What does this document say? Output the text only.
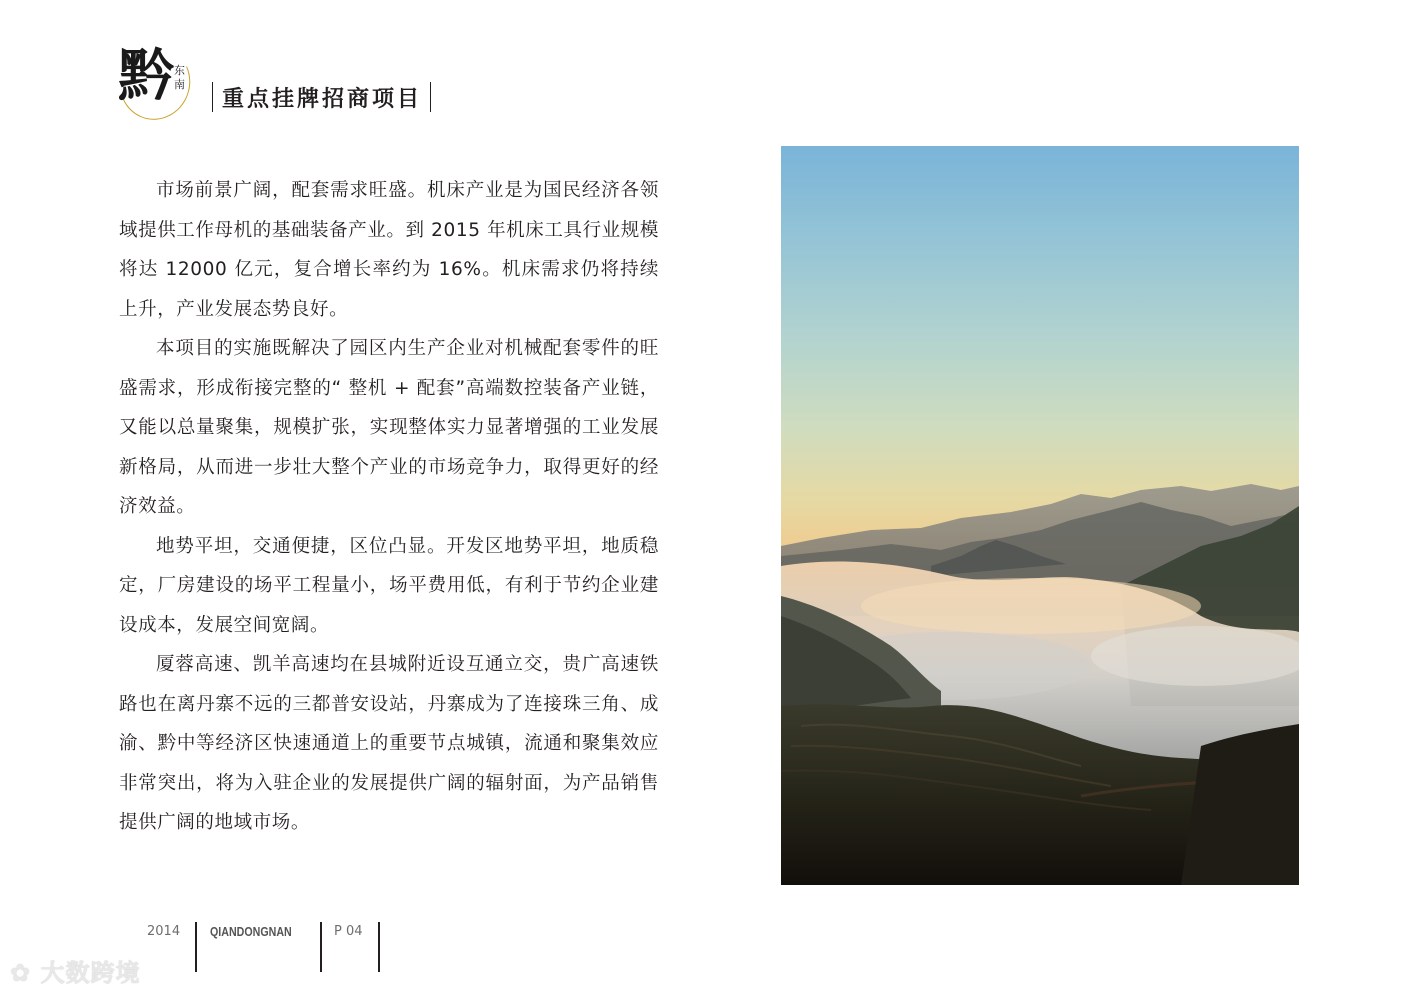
黔 东南
重点挂牌招商项目

市场前景广阔，配套需求旺盛。机床产业是为国民经济各领域提供工作母机的基础装备产业。到 2015 年机床工具行业规模将达 12000 亿元，复合增长率约为 16%。机床需求仍将持续上升，产业发展态势良好。

本项目的实施既解决了园区内生产企业对机械配套零件的旺盛需求，形成衔接完整的“ 整机 + 配套”高端数控装备产业链，又能以总量聚集，规模扩张，实现整体实力显著增强的工业发展新格局，从而进一步壮大整个产业的市场竞争力，取得更好的经济效益。

地势平坦，交通便捷，区位凸显。开发区地势平坦，地质稳定，厂房建设的场平工程量小，场平费用低，有利于节约企业建设成本，发展空间宽阔。

厦蓉高速、凯羊高速均在县城附近设互通立交，贵广高速铁路也在离丹寨不远的三都普安设站，丹寨成为了连接珠三角、成渝、黔中等经济区快速通道上的重要节点城镇，流通和聚集效应非常突出，将为入驻企业的发展提供广阔的辐射面，为产品销售提供广阔的地域市场。

2014 QIANDONGNAN	P 04
✿ 大数跨境
